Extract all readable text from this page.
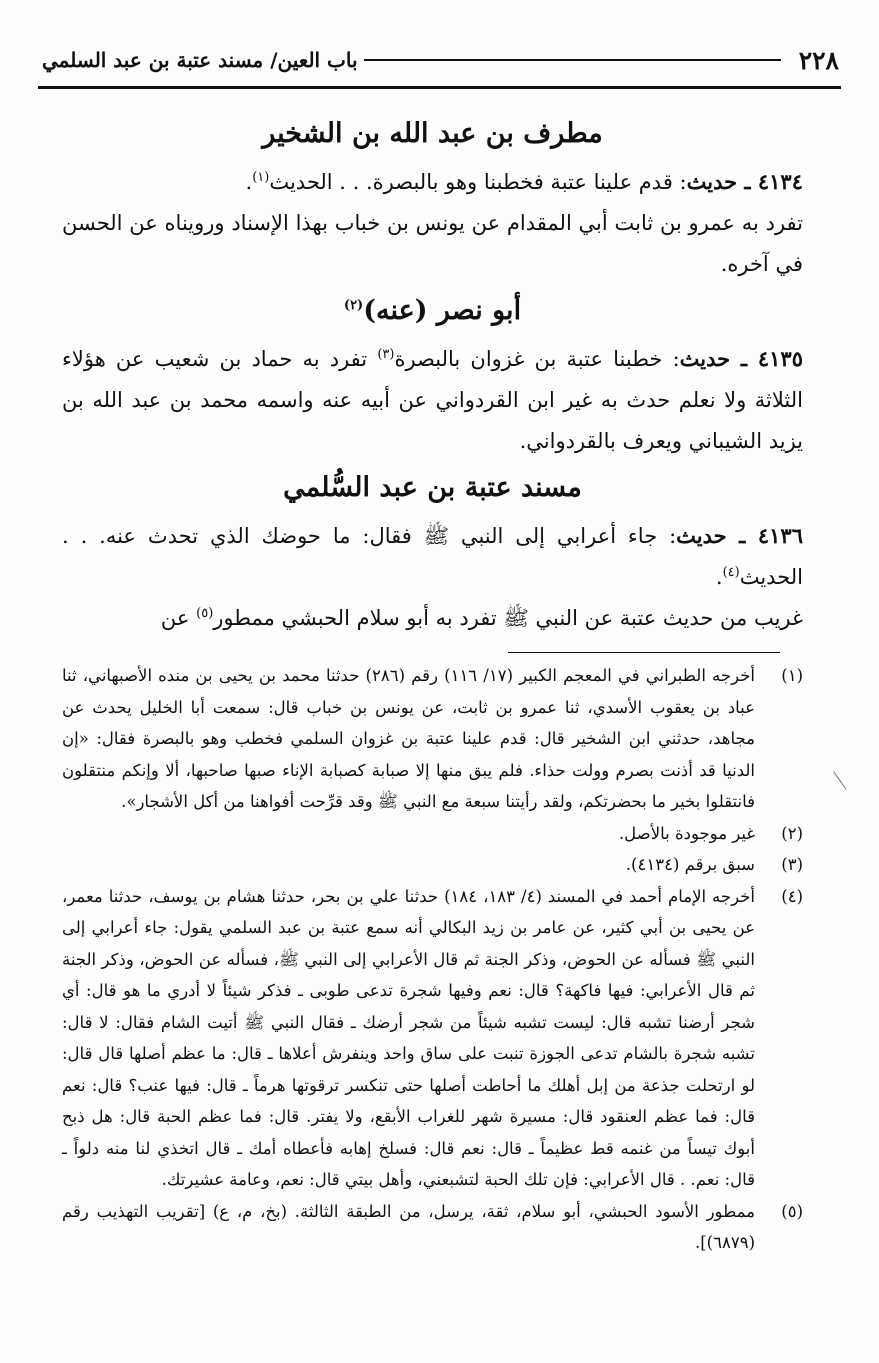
٢٢٨
باب العين/ مسند عتبة بن عبد السلمي
مطرف بن عبد الله بن الشخير

٤١٣٤ ـ حديث: قدم علينا عتبة فخطبنا وهو بالبصرة. . . الحديث$^{(١)}$.

تفرد به عمرو بن ثابت أبي المقدام عن يونس بن خباب بهذا الإسناد ورويناه عن الحسن في آخره.

أبو نصر (عنه)$^{(٢)}$

٤١٣٥ ـ حديث: خطبنا عتبة بن غزوان بالبصرة$^{(٣)}$ تفرد به حماد بن شعيب عن هؤلاء الثلاثة ولا نعلم حدث به غير ابن القردواني عن أبيه عنه واسمه محمد بن عبد الله بن يزيد الشيباني ويعرف بالقردواني.

مسند عتبة بن عبد السُّلمي

٤١٣٦ ـ حديث: جاء أعرابي إلى النبي ﷺ فقال: ما حوضك الذي تحدث عنه. . . الحديث$^{(٤)}$.

غريب من حديث عتبة عن النبي ﷺ تفرد به أبو سلام الحبشي ممطور$^{(٥)}$ عن

(١)
أخرجه الطبراني في المعجم الكبير (١٧/ ١١٦) رقم (٢٨٦) حدثنا محمد بن يحيى بن منده الأصبهاني، ثنا عباد بن يعقوب الأسدي، ثنا عمرو بن ثابت، عن يونس بن خباب قال: سمعت أبا الخليل يحدث عن مجاهد، حدثني ابن الشخير قال: قدم علينا عتبة بن غزوان السلمي فخطب وهو بالبصرة فقال: «إن الدنيا قد أذنت بصرم وولت حذاء. فلم يبق منها إلا صبابة كصبابة الإناء صبها صاحبها، ألا وإنكم منتقلون فانتقلوا بخير ما بحضرتكم، ولقد رأيتنا سبعة مع النبي ﷺ وقد قرِّحت أفواهنا من أكل الأشجار».
(٢)
غير موجودة بالأصل.
(٣)
سبق برقم (٤١٣٤).
(٤)
أخرجه الإمام أحمد في المسند (٤/ ١٨٣، ١٨٤) حدثنا علي بن بحر، حدثنا هشام بن يوسف، حدثنا معمر، عن يحيى بن أبي كثير، عن عامر بن زيد البكالي أنه سمع عتبة بن عبد السلمي يقول: جاء أعرابي إلى النبي ﷺ فسأله عن الحوض، وذكر الجنة ثم قال الأعرابي إلى النبي ﷺ، فسأله عن الحوض، وذكر الجنة ثم قال الأعرابي: فيها فاكهة؟ قال: نعم وفيها شجرة تدعى طوبى ـ فذكر شيئاً لا أدري ما هو قال: أي شجر أرضنا تشبه قال: ليست تشبه شيئاً من شجر أرضك ـ فقال النبي ﷺ أتيت الشام فقال: لا قال: تشبه شجرة بالشام تدعى الجوزة تنبت على ساق واحد وينفرش أعلاها ـ قال: ما عظم أصلها قال قال: لو ارتحلت جذعة من إبل أهلك ما أحاطت أصلها حتى تنكسر ترقوتها هرماً ـ قال: فيها عنب؟ قال: نعم قال: فما عظم العنقود قال: مسيرة شهر للغراب الأبقع، ولا يفتر. قال: فما عظم الحبة قال: هل ذبح أبوك تيساً من غنمه قط عظيماً ـ قال: نعم قال: فسلخ إهابه فأعطاه أمك ـ قال اتخذي لنا منه دلواً ـ قال: نعم. . قال الأعرابي: فإن تلك الحبة لتشبعني، وأهل بيتي قال: نعم، وعامة عشيرتك.
(٥)
ممطور الأسود الحبشي، أبو سلام، ثقة، يرسل، من الطبقة الثالثة. (بخ، م، ع) [تقريب التهذيب رقم (٦٨٧٩)].
